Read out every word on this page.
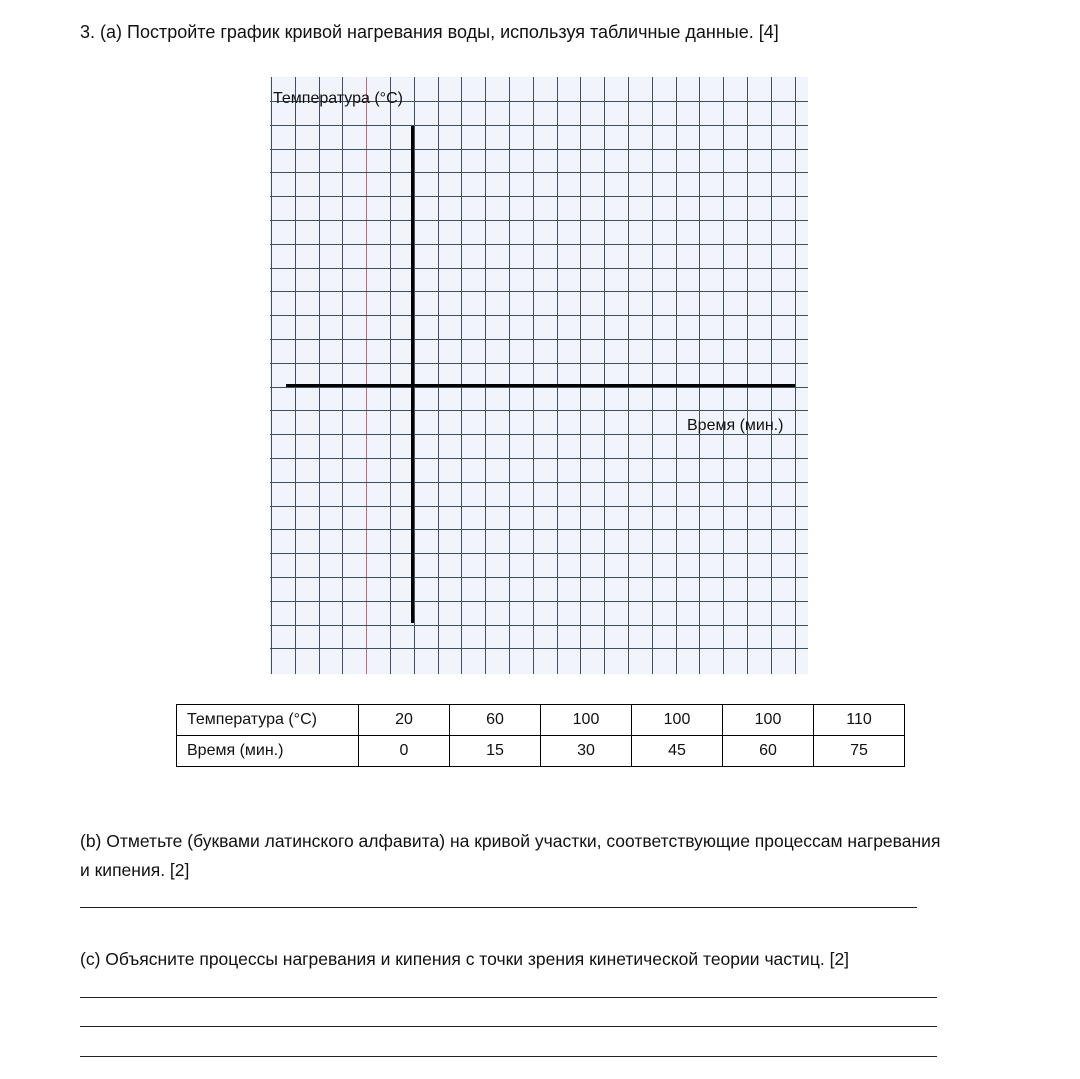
3. (a) Постройте график кривой нагревания воды, используя табличные данные. [4]
Температура (°C)
Время (мин.)
Температура (°C)	20	60	100	100	100	110
Время (мин.)	0	15	30	45	60	75
(b) Отметьте (буквами латинского алфавита) на кривой участки, соответствующие процессам нагревания
и кипения. [2]
(c) Объясните процессы нагревания и кипения с точки зрения кинетической теории частиц. [2]
